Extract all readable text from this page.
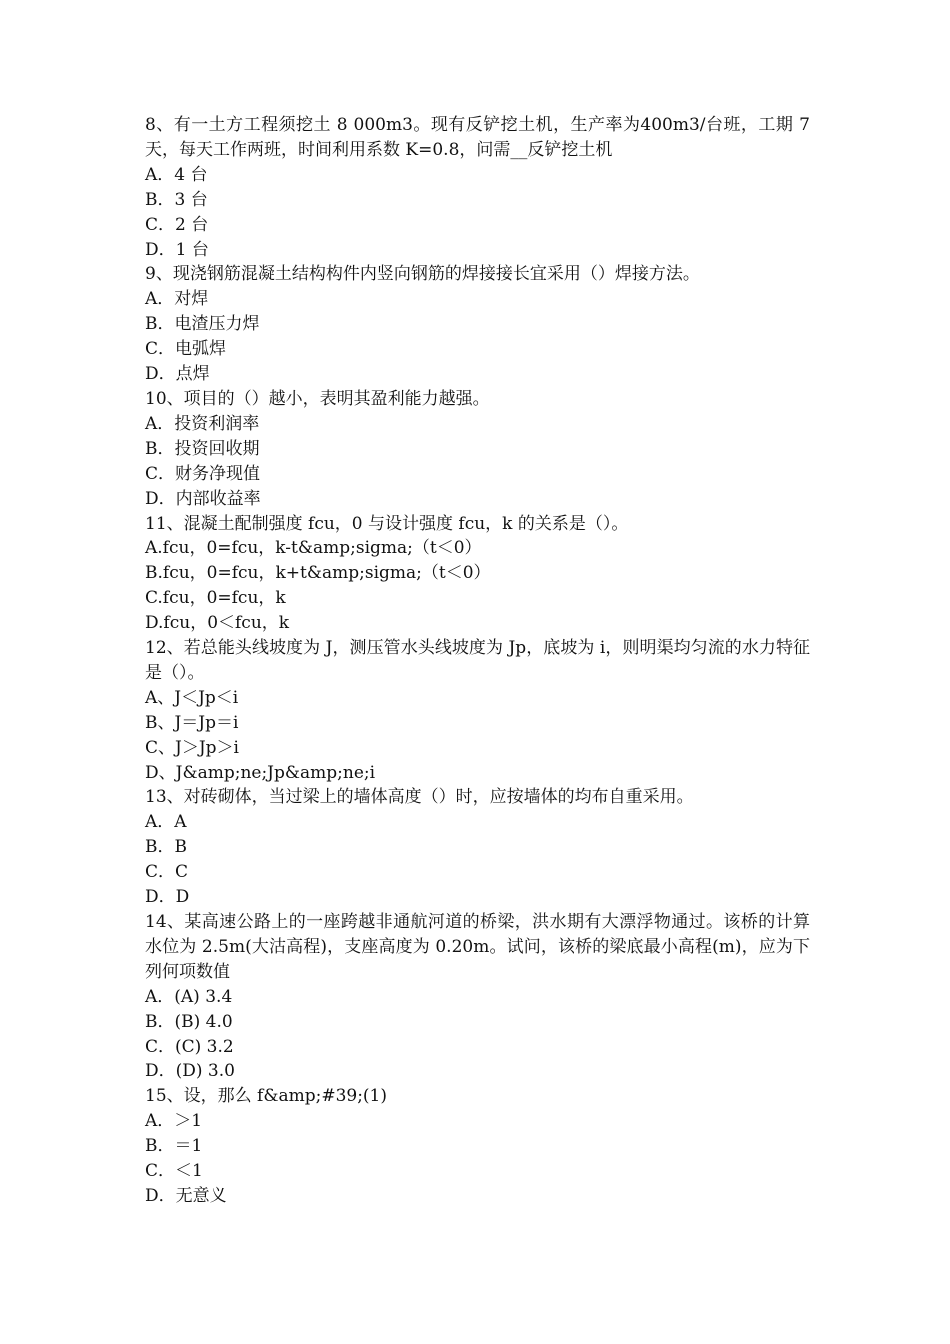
8、有一土方工程须挖土 8 000m3。现有反铲挖土机，生产率为400m3/台班，工期 7 天，每天工作两班，时间利用系数 K=0.8，问需__反铲挖土机
A．4 台
B．3 台
C．2 台
D．1 台
9、现浇钢筋混凝土结构构件内竖向钢筋的焊接接长宜采用（）焊接方法。
A．对焊
B．电渣压力焊
C．电弧焊
D．点焊
10、项目的（）越小，表明其盈利能力越强。
A．投资利润率
B．投资回收期
C．财务净现值
D．内部收益率
11、混凝土配制强度 fcu，0 与设计强度 fcu，k 的关系是（）。
A.fcu，0=fcu，k-t&amp;sigma;（t＜0）
B.fcu，0=fcu，k+t&amp;sigma;（t＜0）
C.fcu，0=fcu，k
D.fcu，0＜fcu，k
12、若总能头线坡度为 J，测压管水头线坡度为 Jp，底坡为 i，则明渠均匀流的水力特征是（）。
A、J＜Jp＜i
B、J＝Jp＝i
C、J＞Jp＞i
D、J&amp;ne;Jp&amp;ne;i
13、对砖砌体，当过梁上的墙体高度（）时，应按墙体的均布自重采用。
A．A
B．B
C．C
D．D
14、某高速公路上的一座跨越非通航河道的桥梁，洪水期有大漂浮物通过。该桥的计算水位为 2.5m(大沽高程)，支座高度为 0.20m。试问，该桥的梁底最小高程(m)，应为下列何项数值
A．(A) 3.4
B．(B) 4.0
C．(C) 3.2
D．(D) 3.0
15、设，那么 f&amp;#39;(1)
A．＞1
B．＝1
C．＜1
D．无意义
